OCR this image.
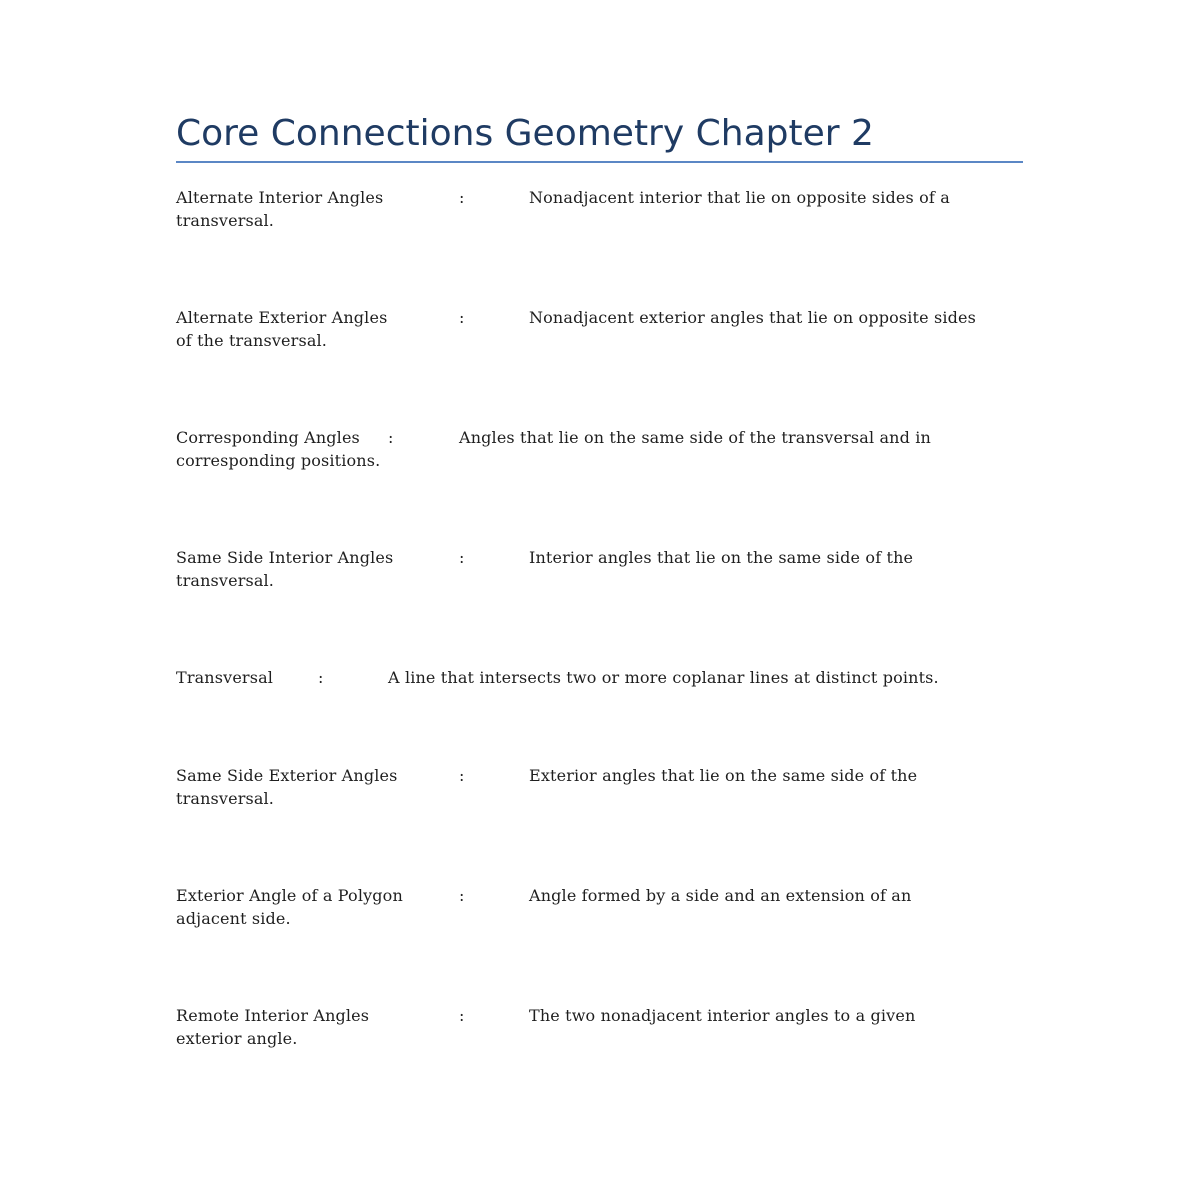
Core Connections Geometry Chapter 2
Alternate Interior Angles	:	Nonadjacent interior that lie on opposite sides of a
transversal.
Alternate Exterior Angles	:	Nonadjacent exterior angles that lie on opposite sides
of the transversal.
Corresponding Angles :	Angles that lie on the same side of the transversal and in
corresponding positions.
Same Side Interior Angles	:	Interior angles that lie on the same side of the
transversal.
Transversal	:	A line that intersects two or more coplanar lines at distinct points.
Same Side Exterior Angles	:	Exterior angles that lie on the same side of the
transversal.
Exterior Angle of a Polygon	:	Angle formed by a side and an extension of an
adjacent side.
Remote Interior Angles	:	The two nonadjacent interior angles to a given
exterior angle.
